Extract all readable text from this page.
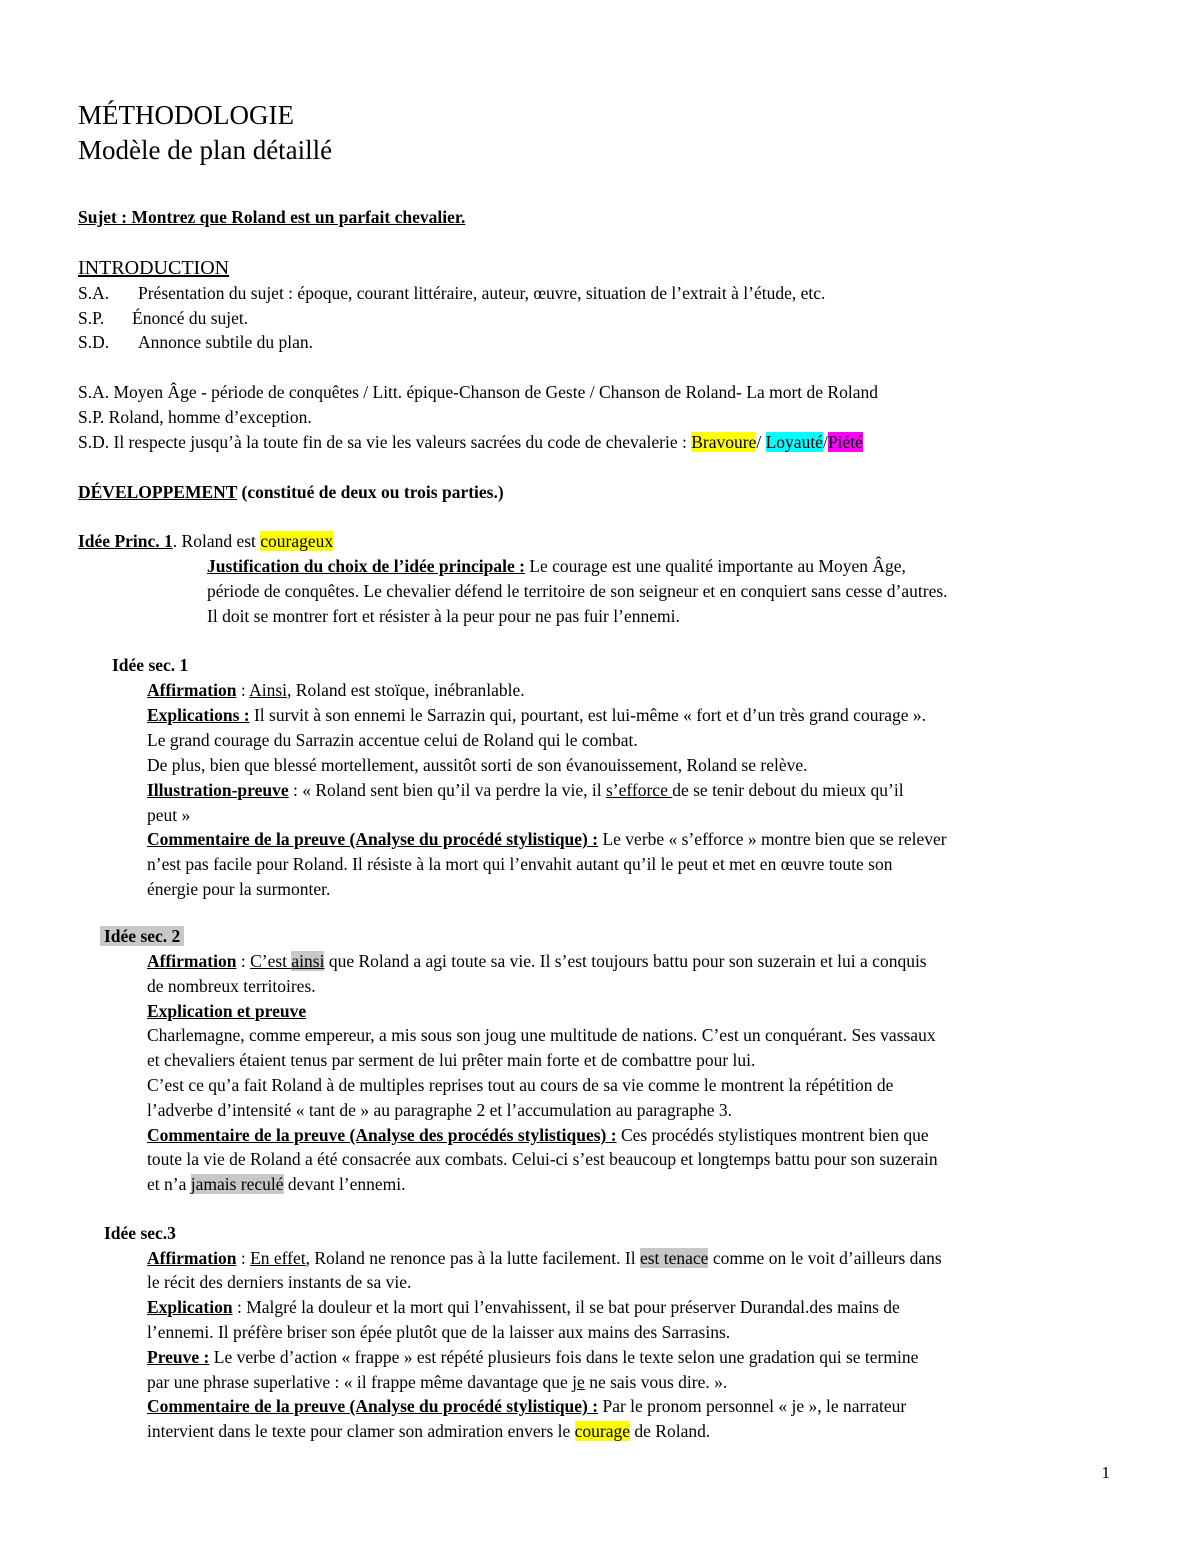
MÉTHODOLOGIE
Modèle de plan détaillé
Sujet : Montrez que Roland est un parfait chevalier.
INTRODUCTION
S.A. Présentation du sujet : époque, courant littéraire, auteur, œuvre, situation de l’extrait à l’étude, etc.
S.P. Énoncé du sujet.
S.D. Annonce subtile du plan.
S.A. Moyen Âge - période de conquêtes / Litt. épique-Chanson de Geste / Chanson de Roland- La mort de Roland
S.P. Roland, homme d’exception.
S.D. Il respecte jusqu’à la toute fin de sa vie les valeurs sacrées du code de chevalerie : Bravoure/ Loyauté/Piété
DÉVELOPPEMENT (constitué de deux ou trois parties.)
Idée Princ. 1. Roland est courageux
Justification du choix de l’idée principale : Le courage est une qualité importante au Moyen Âge,
période de conquêtes. Le chevalier défend le territoire de son seigneur et en conquiert sans cesse d’autres.
Il doit se montrer fort et résister à la peur pour ne pas fuir l’ennemi.
Idée sec. 1
Affirmation : Ainsi, Roland est stoïque, inébranlable.
Explications : Il survit à son ennemi le Sarrazin qui, pourtant, est lui-même « fort et d’un très grand courage ».
Le grand courage du Sarrazin accentue celui de Roland qui le combat.
De plus, bien que blessé mortellement, aussitôt sorti de son évanouissement, Roland se relève.
Illustration-preuve : « Roland sent bien qu’il va perdre la vie, il s’efforce de se tenir debout du mieux qu’il
peut »
Commentaire de la preuve (Analyse du procédé stylistique) : Le verbe « s’efforce » montre bien que se relever
n’est pas facile pour Roland. Il résiste à la mort qui l’envahit autant qu’il le peut et met en œuvre toute son
énergie pour la surmonter.
Idée sec. 2
Affirmation : C’est ainsi que Roland a agi toute sa vie. Il s’est toujours battu pour son suzerain et lui a conquis
de nombreux territoires.
Explication et preuve
Charlemagne, comme empereur, a mis sous son joug une multitude de nations. C’est un conquérant. Ses vassaux
et chevaliers étaient tenus par serment de lui prêter main forte et de combattre pour lui.
C’est ce qu’a fait Roland à de multiples reprises tout au cours de sa vie comme le montrent la répétition de
l’adverbe d’intensité « tant de » au paragraphe 2 et l’accumulation au paragraphe 3.
Commentaire de la preuve (Analyse des procédés stylistiques) : Ces procédés stylistiques montrent bien que
toute la vie de Roland a été consacrée aux combats. Celui-ci s’est beaucoup et longtemps battu pour son suzerain
et n’a jamais reculé devant l’ennemi.
Idée sec.3
Affirmation : En effet, Roland ne renonce pas à la lutte facilement. Il est tenace comme on le voit d’ailleurs dans
le récit des derniers instants de sa vie.
Explication : Malgré la douleur et la mort qui l’envahissent, il se bat pour préserver Durandal.des mains de
l’ennemi. Il préfère briser son épée plutôt que de la laisser aux mains des Sarrasins.
Preuve : Le verbe d’action « frappe » est répété plusieurs fois dans le texte selon une gradation qui se termine
par une phrase superlative : « il frappe même davantage que je ne sais vous dire. ».
Commentaire de la preuve (Analyse du procédé stylistique) : Par le pronom personnel « je », le narrateur
intervient dans le texte pour clamer son admiration envers le courage de Roland.
1
